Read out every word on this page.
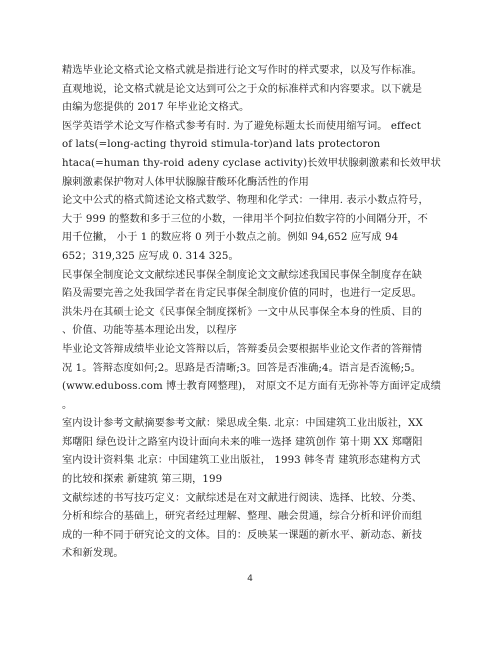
精选毕业论文格式论文格式就是指进行论文写作时的样式要求，以及写作标准。
直观地说，论文格式就是论文达到可公之于众的标准样式和内容要求。以下就是
由编为您提供的 2017 年毕业论文格式。
医学英语学术论文写作格式参考有时. 为了避免标题太长而使用缩写词。 effect
of lats(=long-acting thyroid stimula-tor)and lats protectoron
htaca(=human thy-roid adeny cyclase activity)长效甲状腺刺激素和长效甲状
腺刺激素保护物对人体甲状腺腺苷酸环化酶活性的作用
论文中公式的格式简述论文格式数学、物理和化学式：一律用. 表示小数点符号，
大于 999 的整数和多于三位的小数，一律用半个阿拉伯数字符的小间隔分开，不
用千位撇， 小于 1 的数应将 0 列于小数点之前。例如 94,652 应写成 94
652；319,325 应写成 0. 314 325。
民事保全制度论文文献综述民事保全制度论文文献综述我国民事保全制度存在缺
陷及需要完善之处我国学者在肯定民事保全制度价值的同时，也进行一定反思。
洪朱丹在其硕士论文《民事保全制度探析》一文中从民事保全本身的性质、目的
、价值、功能等基本理论出发，以程序
毕业论文答辩成绩毕业论文答辩以后，答辩委员会要根据毕业论文作者的答辩情
况 1。答辩态度如何;2。思路是否清晰;3。回答是否准确;4。语言是否流畅;5。
(www.eduboss.com 博士教育网整理)， 对原文不足方面有无弥补等方面评定成绩
。
室内设计参考文献摘要参考文献：梁思成全集. 北京：中国建筑工业出版社，XX
郑曙阳 绿色设计之路室内设计面向未来的唯一选择 建筑创作 第十期 XX 郑曙阳
室内设计资料集 北京：中国建筑工业出版社， 1993 韩冬青 建筑形态建构方式
的比较和探索 新建筑 第三期，199
文献综述的书写技巧定义：文献综述是在对文献进行阅读、选择、比较、分类、
分析和综合的基础上，研究者经过理解、整理、融会贯通，综合分析和评价而组
成的一种不同于研究论文的文体。目的：反映某一课题的新水平、新动态、新技
术和新发现。
4
